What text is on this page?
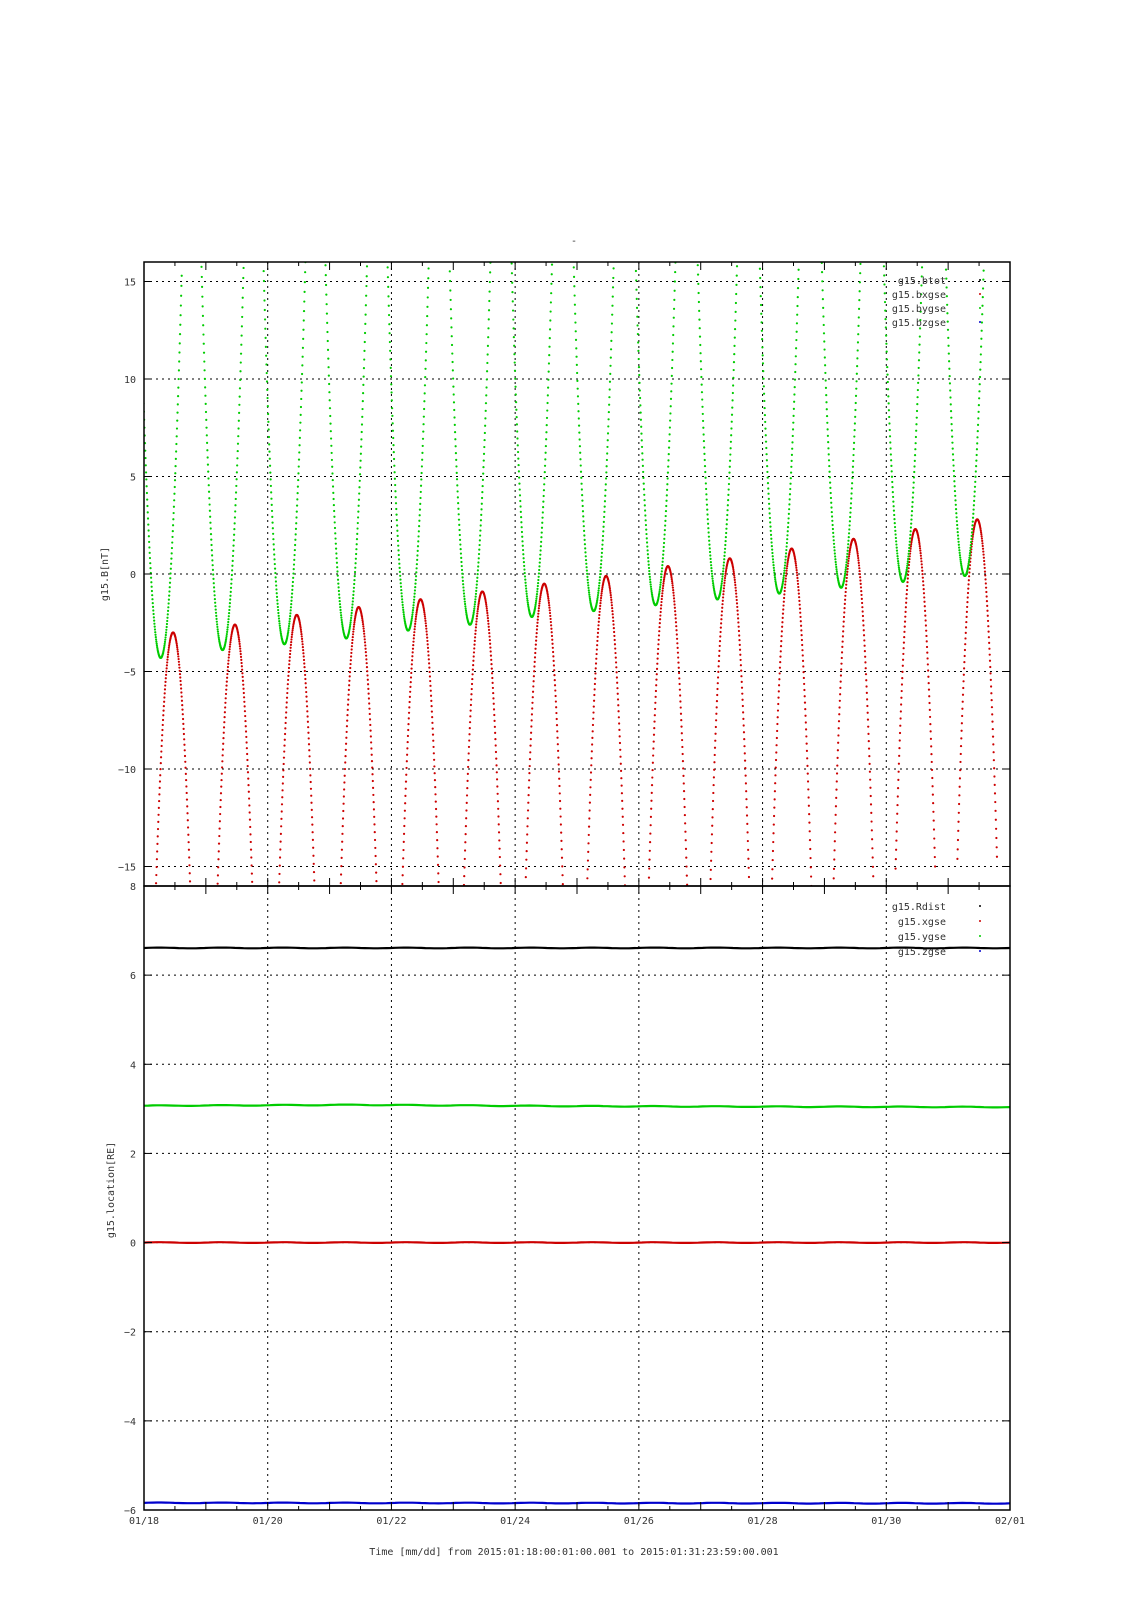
-
−15
−10
−5
0
5
10
15
g15.B[nT]
g15.btot
g15.bxgse
g15.bygse
g15.bzgse
−6
−4
−2
0
2
4
6
8
01/18	01/20	01/22	01/24	01/26	01/28	01/30	02/01
g15.location[RE]
g15.Rdist
g15.xgse
g15.ygse
g15.zgse
Time [mm/dd] from 2015:01:18:00:01:00.001 to 2015:01:31:23:59:00.001
